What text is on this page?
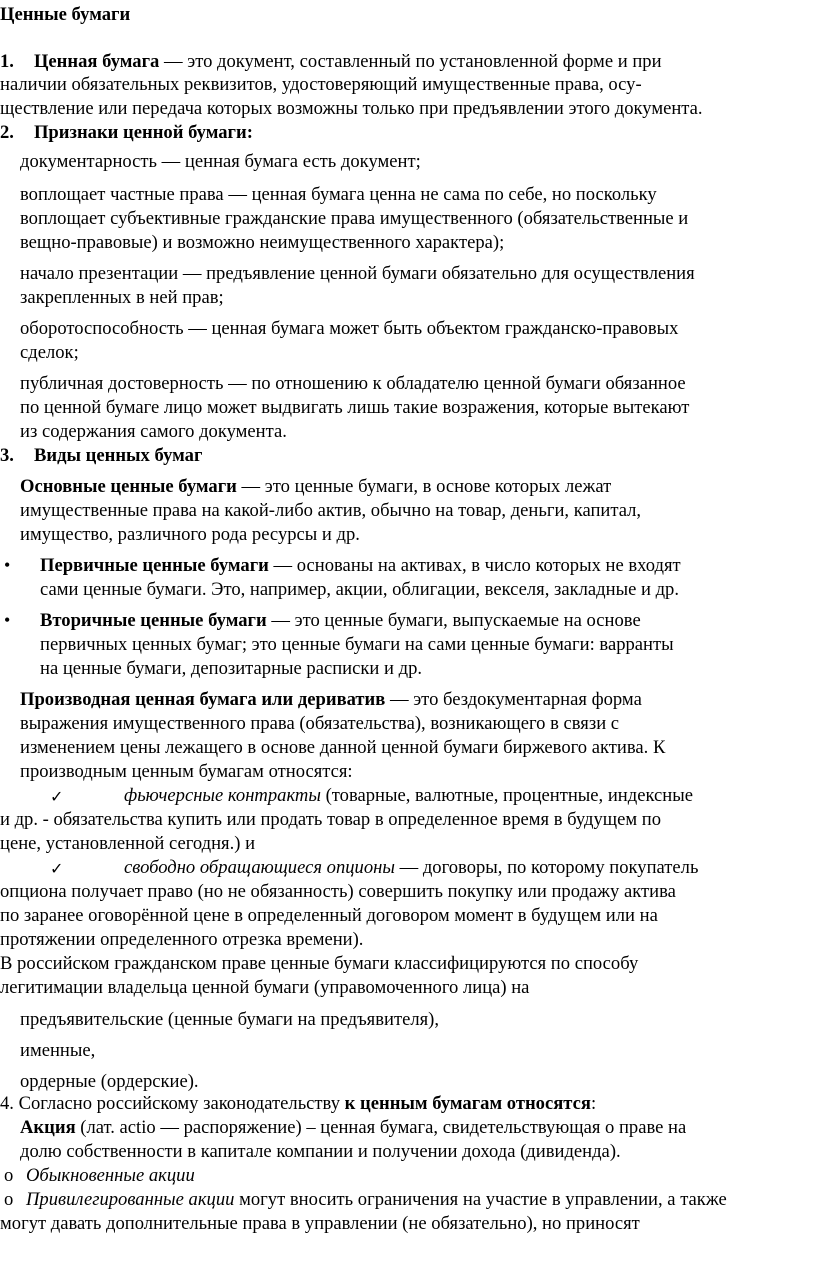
Ценные бумаги
1. Ценная бумага — это документ, составленный по установленной форме и при
наличии обязательных реквизитов, удостоверяющий имущественные права, осу-
ществление или передача которых возможны только при предъявлении этого документа.
2. Признаки ценной бумаги:
документарность — ценная бумага есть документ;
воплощает частные права — ценная бумага ценна не сама по себе, но поскольку
воплощает субъективные гражданские права имущественного (обязательственные и
вещно-правовые) и возможно неимущественного характера);
начало презентации — предъявление ценной бумаги обязательно для осуществления
закрепленных в ней прав;
оборотоспособность — ценная бумага может быть объектом гражданско-правовых
сделок;
публичная достоверность — по отношению к обладателю ценной бумаги обязанное
по ценной бумаге лицо может выдвигать лишь такие возражения, которые вытекают
из содержания самого документа.
3. Виды ценных бумаг
Основные ценные бумаги — это ценные бумаги, в основе которых лежат
имущественные права на какой-либо актив, обычно на товар, деньги, капитал,
имущество, различного рода ресурсы и др.
• Первичные ценные бумаги — основаны на активах, в число которых не входят
сами ценные бумаги. Это, например, акции, облигации, векселя, закладные и др.
• Вторичные ценные бумаги — это ценные бумаги, выпускаемые на основе
первичных ценных бумаг; это ценные бумаги на сами ценные бумаги: варранты
на ценные бумаги, депозитарные расписки и др.
Производная ценная бумага или дериватив — это бездокументарная форма
выражения имущественного права (обязательства), возникающего в связи с
изменением цены лежащего в основе данной ценной бумаги биржевого актива. К
производным ценным бумагам относятся:
✓	фьючерсные контракты (товарные, валютные, процентные, индексные
и др. - обязательства купить или продать товар в определенное время в будущем по
цене, установленной сегодня.) и
✓	свободно обращающиеся опционы — договоры, по которому покупатель
опциона получает право (но не обязанность) совершить покупку или продажу актива
по заранее оговорённой цене в определенный договором момент в будущем или на
протяжении определенного отрезка времени).
В российском гражданском праве ценные бумаги классифицируются по способу
легитимации владельца ценной бумаги (управомоченного лица) на
предъявительские (ценные бумаги на предъявителя),
именные,
ордерные (ордерские).
4. Согласно российскому законодательству к ценным бумагам относятся:
Акция (лат. actio — распоряжение) – ценная бумага, свидетельствующая о праве на
долю собственности в капитале компании и получении дохода (дивиденда).
o Обыкновенные акции
o Привилегированные акции могут вносить ограничения на участие в управлении, а также
могут давать дополнительные права в управлении (не обязательно), но приносят
